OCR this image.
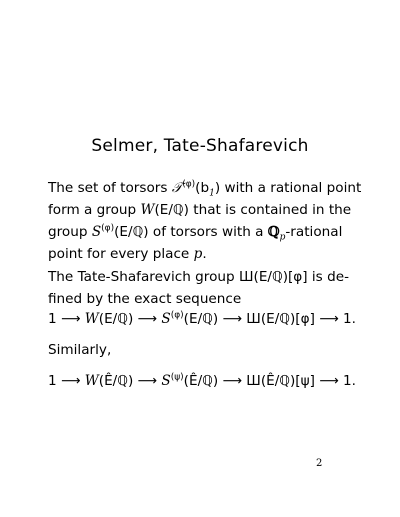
Selmer, Tate-Shafarevich
The set of torsors $𝒯^{(\varphi)}(b_1)$ with a rational point form a group W(E/ℚ) that is contained in the group $S^{(\varphi)}(E/ℚ)$ of torsors with a ℚ$_p$-rational point for every place p.
The Tate-Shafarevich group Ш(E/ℚ)[φ] is de-fined by the exact sequence
1 ⟶ W(E/ℚ) ⟶ $S^{(\varphi)}(E/ℚ)$ ⟶ Ш(E/ℚ)[φ] ⟶ 1.
Similarly,
1 ⟶ W(Ê/ℚ) ⟶ $S^{(\psi)}(Ê/ℚ)$ ⟶ Ш(Ê/ℚ)[ψ] ⟶ 1.
2
